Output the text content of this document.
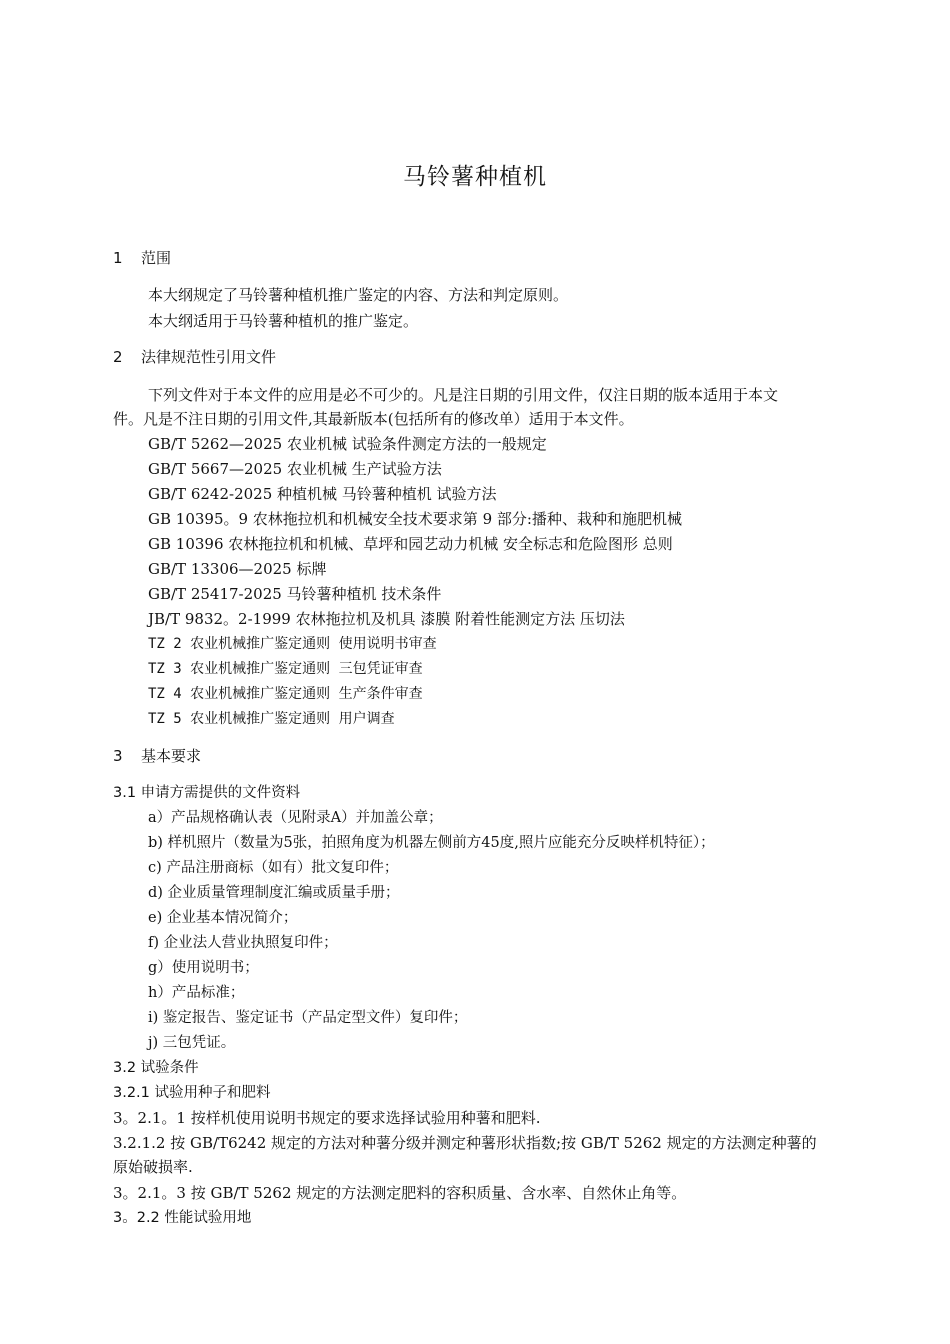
马铃薯种植机
1 范围
本大纲规定了马铃薯种植机推广鉴定的内容、方法和判定原则。
本大纲适用于马铃薯种植机的推广鉴定。
2 法律规范性引用文件
下列文件对于本文件的应用是必不可少的。凡是注日期的引用文件，仅注日期的版本适用于本文
件。凡是不注日期的引用文件,其最新版本(包括所有的修改单）适用于本文件。
GB/T 5262—2025 农业机械 试验条件测定方法的一般规定
GB/T 5667—2025 农业机械 生产试验方法
GB/T 6242-2025 种植机械 马铃薯种植机 试验方法
GB 10395。9 农林拖拉机和机械安全技术要求第 9 部分:播种、栽种和施肥机械
GB 10396 农林拖拉机和机械、草坪和园艺动力机械 安全标志和危险图形 总则
GB/T 13306—2025 标牌
GB/T 25417-2025 马铃薯种植机 技术条件
JB/T 9832。2-1999 农林拖拉机及机具 漆膜 附着性能测定方法 压切法
TZ 2 农业机械推广鉴定通则 使用说明书审查
TZ 3 农业机械推广鉴定通则 三包凭证审查
TZ 4 农业机械推广鉴定通则 生产条件审查
TZ 5 农业机械推广鉴定通则 用户调查
3 基本要求
3.1 申请方需提供的文件资料
a）产品规格确认表（见附录A）并加盖公章；
b) 样机照片（数量为5张，拍照角度为机器左侧前方45度,照片应能充分反映样机特征）；
c) 产品注册商标（如有）批文复印件；
d) 企业质量管理制度汇编或质量手册；
e) 企业基本情况简介；
f) 企业法人营业执照复印件；
g）使用说明书；
h）产品标准；
i) 鉴定报告、鉴定证书（产品定型文件）复印件；
j) 三包凭证。
3.2 试验条件
3.2.1 试验用种子和肥料
3。2.1。1 按样机使用说明书规定的要求选择试验用种薯和肥料.
3.2.1.2 按 GB/T6242 规定的方法对种薯分级并测定种薯形状指数;按 GB/T 5262 规定的方法测定种薯的
原始破损率.
3。2.1。3 按 GB/T 5262 规定的方法测定肥料的容积质量、含水率、自然休止角等。
3。2.2 性能试验用地
